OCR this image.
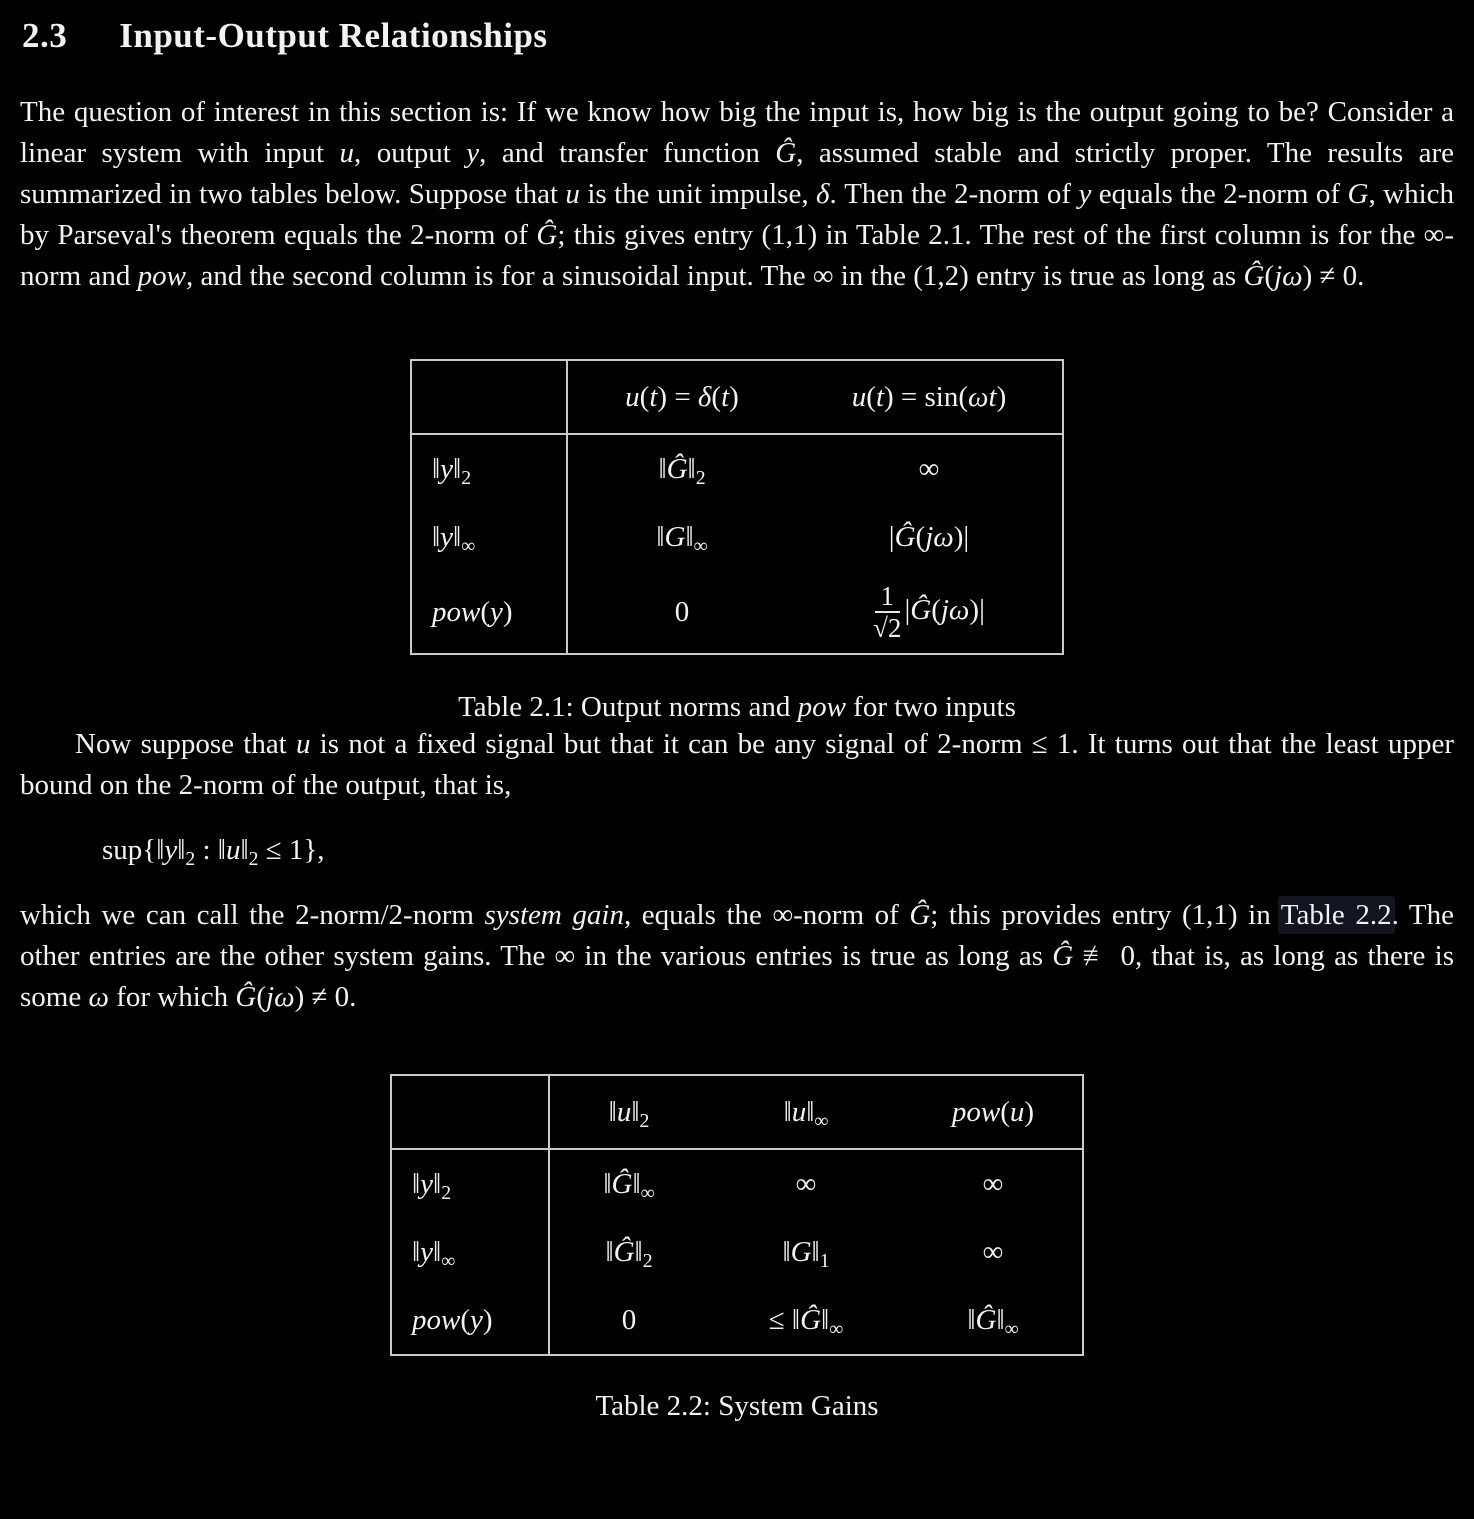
2.3 Input-Output Relationships

The question of interest in this section is: If we know how big the input is, how big is the output going to be? Consider a linear system with input u, output y, and transfer function Ĝ, assumed stable and strictly proper. The results are summarized in two tables below. Suppose that u is the unit impulse, δ. Then the 2-norm of y equals the 2-norm of G, which by Parseval's theorem equals the 2-norm of Ĝ; this gives entry (1,1) in Table 2.1. The rest of the first column is for the ∞-norm and pow, and the second column is for a sinusoidal input. The ∞ in the (1,2) entry is true as long as Ĝ(jω) ≠ 0.

	u(t) = δ(t)	u(t) = sin(ωt)
$‖y‖_2$	$‖Ĝ‖_2$	∞
$‖y‖_\infty$	$‖G‖_\infty$	|Ĝ(jω)|
pow(y)	0	$\frac{1}{√2}$ |Ĝ(jω)|
Table 2.1: Output norms and pow for two inputs

Now suppose that u is not a fixed signal but that it can be any signal of 2-norm ≤ 1. It turns out that the least upper bound on the 2-norm of the output, that is,

$sup\{‖y‖_2$ : $‖u‖_2 \le 1$},

which we can call the 2-norm/2-norm system gain, equals the ∞-norm of Ĝ; this provides entry (1,1) in Table 2.2. The other entries are the other system gains. The ∞ in the various entries is true as long as Ĝ ≢ 0, that is, as long as there is some ω for which Ĝ(jω) ≠ 0.

	$‖u‖_2$	$‖u‖_\infty$	pow(u)
$‖y‖_2$	$‖Ĝ‖_\infty$	∞	∞
$‖y‖_\infty$	$‖Ĝ‖_2$	$‖G‖_1$	∞
pow(y)	0	≤ $‖Ĝ‖_\infty$	$‖Ĝ‖_\infty$
Table 2.2: System Gains
